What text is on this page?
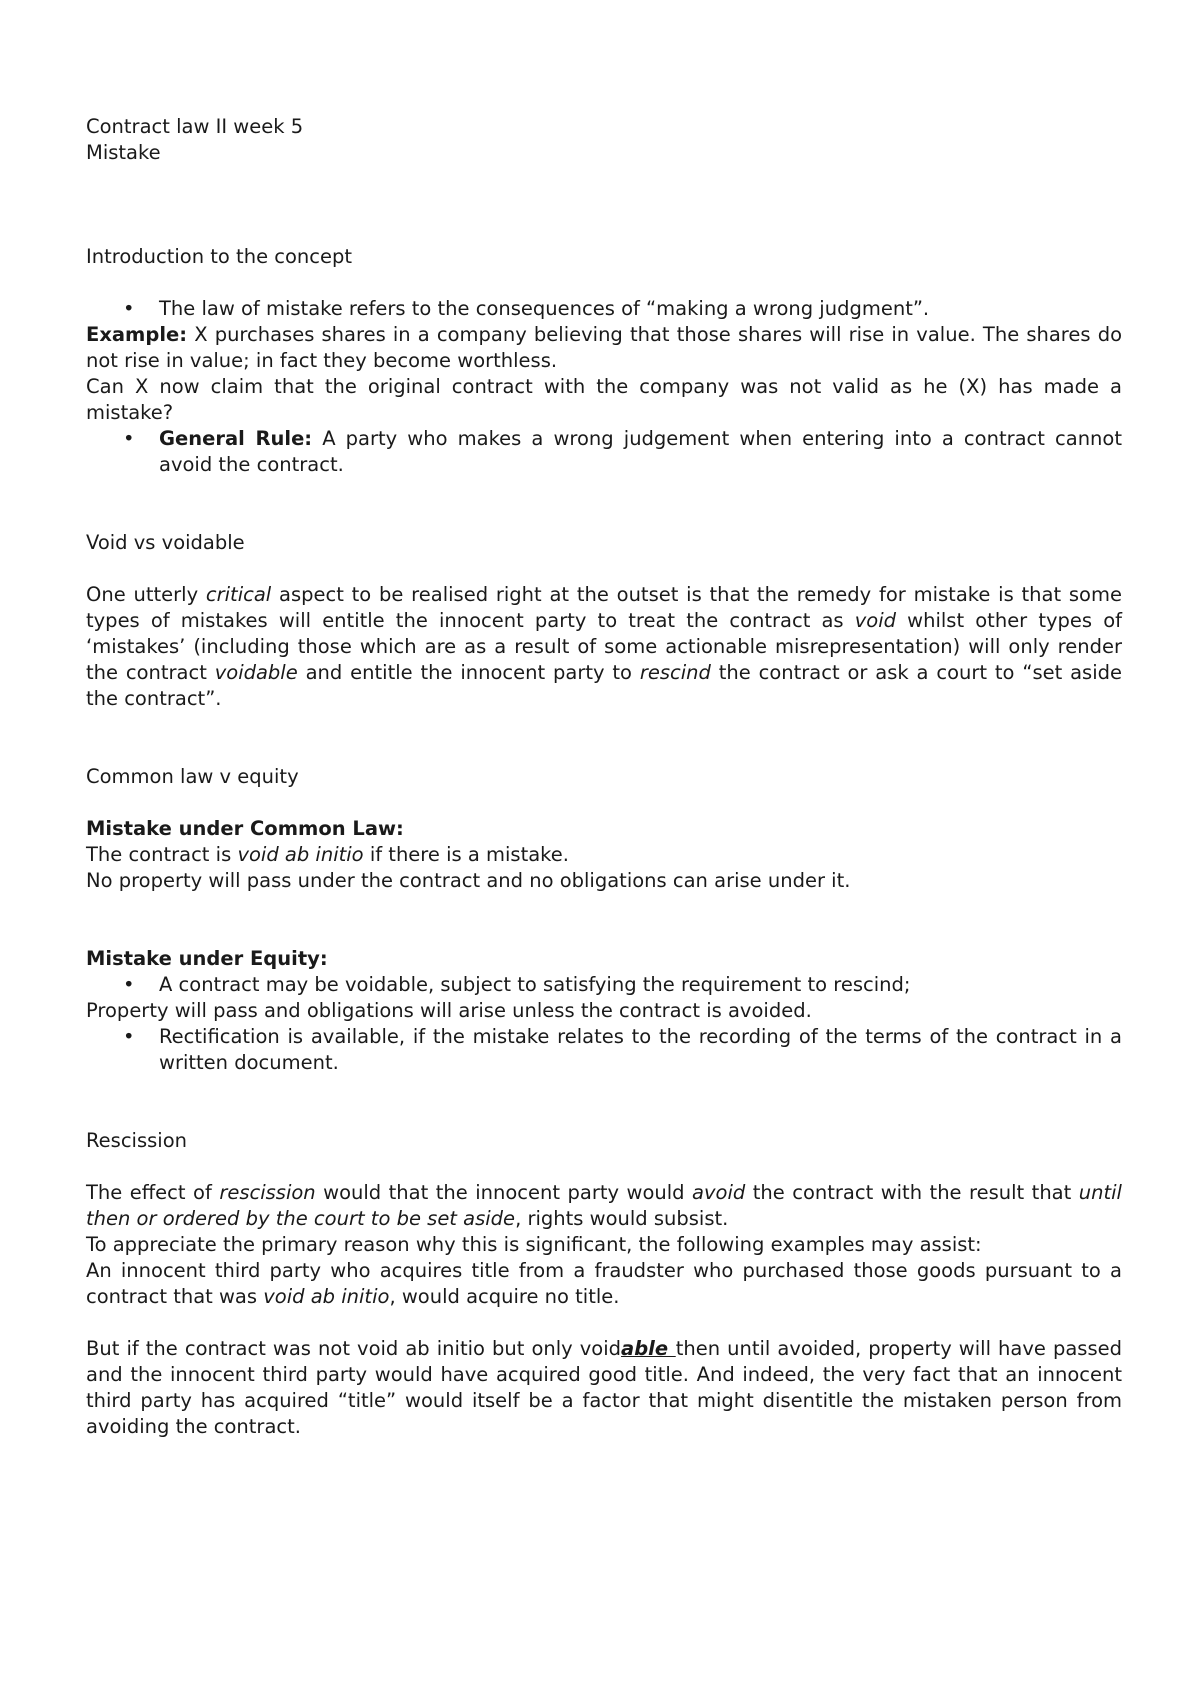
Contract law II week 5

Mistake

Introduction to the concept

• The law of mistake refers to the consequences of “making a wrong judgment”.

Example: X purchases shares in a company believing that those shares will rise in value. The shares do not rise in value; in fact they become worthless.

Can X now claim that the original contract with the company was not valid as he (X) has made a mistake?

• General Rule: A party who makes a wrong judgement when entering into a contract cannot avoid the contract.

Void vs voidable

One utterly critical aspect to be realised right at the outset is that the remedy for mistake is that some types of mistakes will entitle the innocent party to treat the contract as void whilst other types of ‘mistakes’ (including those which are as a result of some actionable misrepresentation) will only render the contract voidable and entitle the innocent party to rescind the contract or ask a court to “set aside the contract”.

Common law v equity

Mistake under Common Law:

The contract is void ab initio if there is a mistake.

No property will pass under the contract and no obligations can arise under it.

Mistake under Equity:

• A contract may be voidable, subject to satisfying the requirement to rescind;

Property will pass and obligations will arise unless the contract is avoided.

• Rectification is available, if the mistake relates to the recording of the terms of the contract in a written document.

Rescission

The effect of rescission would that the innocent party would avoid the contract with the result that until then or ordered by the court to be set aside, rights would subsist.

To appreciate the primary reason why this is significant, the following examples may assist:

An innocent third party who acquires title from a fraudster who purchased those goods pursuant to a contract that was void ab initio, would acquire no title.

But if the contract was not void ab initio but only voidable then until avoided, property will have passed and the innocent third party would have acquired good title. And indeed, the very fact that an innocent third party has acquired “title” would itself be a factor that might disentitle the mistaken person from avoiding the contract.
